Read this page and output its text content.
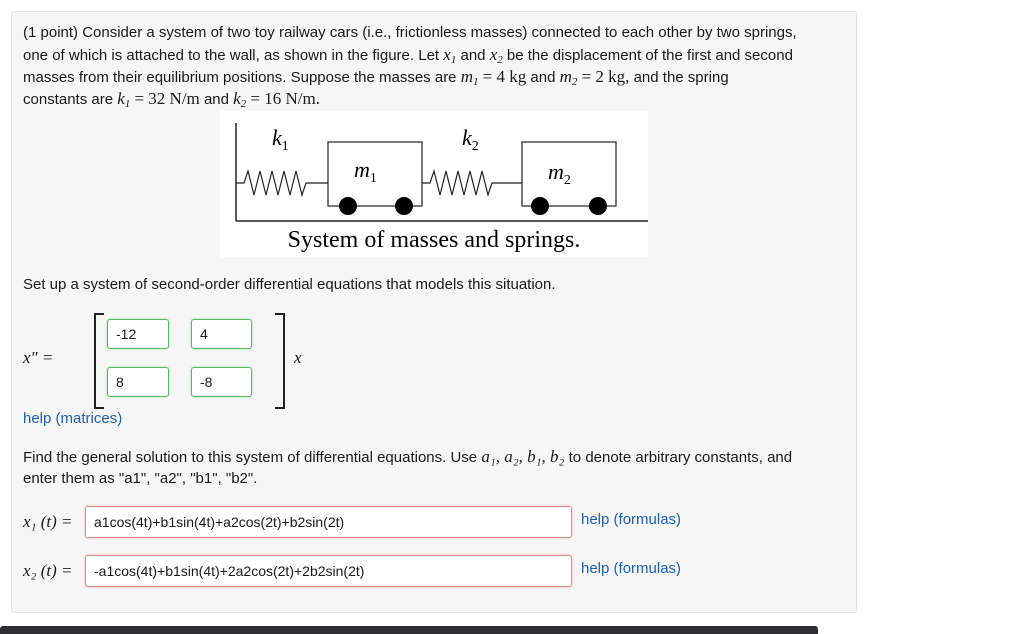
(1 point) Consider a system of two toy railway cars (i.e., frictionless masses) connected to each other by two springs,

one of which is attached to the wall, as shown in the figure. Let $x_1$ and $x_2$ be the displacement of the first and second

masses from their equilibrium positions. Suppose the masses are $m_1 = 4$ kg and $m_2 = 2$ kg, and the spring

constants are $k_1 = 32$ N/m and $k_2 = 16$ N/m.

$k_1$	$k_2$
$m_1$	$m_2$
System of masses and springs.

Set up a system of second-order differential equations that models this situation.

x″ =
-12	4
8	-8
x
help (matrices)

Find the general solution to this system of differential equations. Use a₁, a₂, b₁, b₂ to denote arbitrary constants, and

enter them as "a1", "a2", "b1", "b2".

x₁ (t) =	a1cos(4t)+b1sin(4t)+a2cos(2t)+b2sin(2t)	help (formulas)
x₂ (t) =	-a1cos(4t)+b1sin(4t)+2a2cos(2t)+2b2sin(2t)	help (formulas)
